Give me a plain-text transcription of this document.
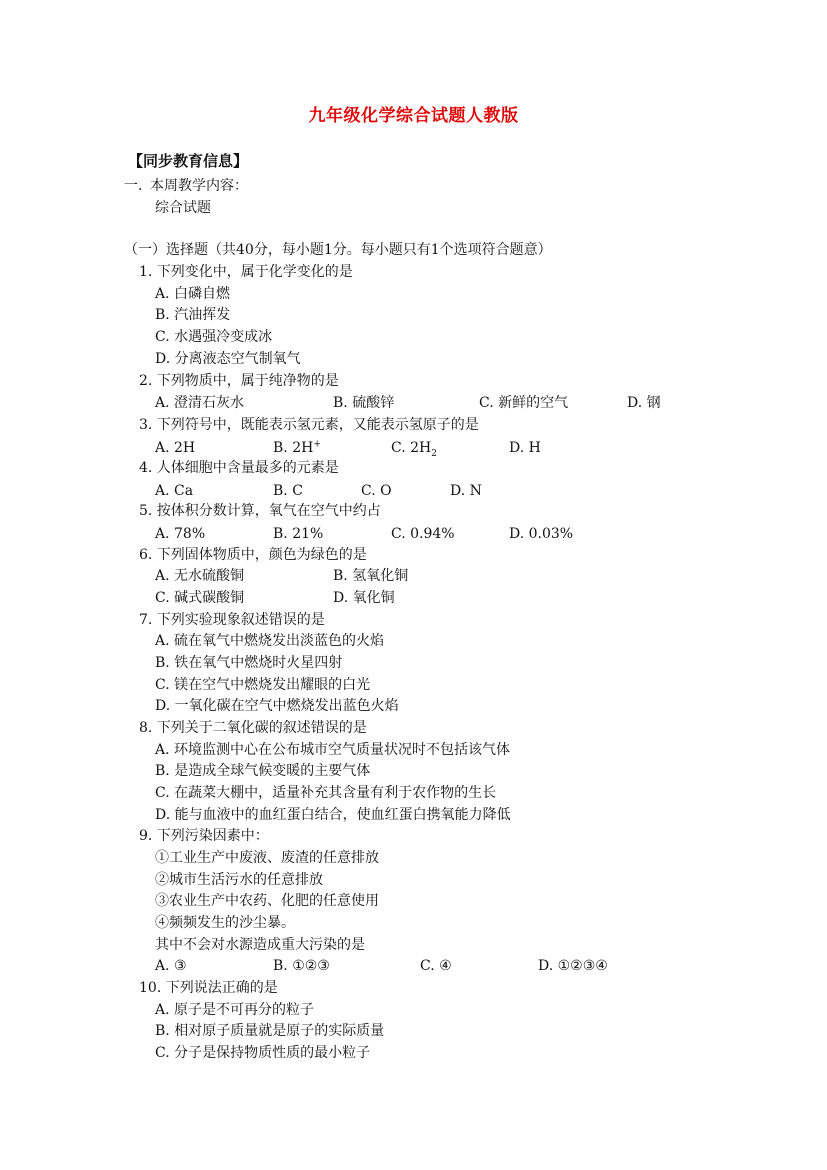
九年级化学综合试题人教版
【同步教育信息】
一. 本周教学内容：
综合试题
（一）选择题（共40分，每小题1分。每小题只有1个选项符合题意）
1. 下列变化中，属于化学变化的是
A. 白磷自燃
B. 汽油挥发
C. 水遇强冷变成冰
D. 分离液态空气制氧气
2. 下列物质中，属于纯净物的是
A. 澄清石灰水	B. 硫酸锌	C. 新鲜的空气	D. 钢
3. 下列符号中，既能表示氢元素，又能表示氢原子的是
A. 2H	B. 2H+	C. $2H_2$	D. H
4. 人体细胞中含量最多的元素是
A. Ca	B. C	C. O	D. N
5. 按体积分数计算，氧气在空气中约占
A. 78%	B. 21%	C. 0.94%	D. 0.03%
6. 下列固体物质中，颜色为绿色的是
A. 无水硫酸铜	B. 氢氧化铜
C. 碱式碳酸铜	D. 氧化铜
7. 下列实验现象叙述错误的是
A. 硫在氧气中燃烧发出淡蓝色的火焰
B. 铁在氧气中燃烧时火星四射
C. 镁在空气中燃烧发出耀眼的白光
D. 一氧化碳在空气中燃烧发出蓝色火焰
8. 下列关于二氧化碳的叙述错误的是
A. 环境监测中心在公布城市空气质量状况时不包括该气体
B. 是造成全球气候变暖的主要气体
C. 在蔬菜大棚中，适量补充其含量有利于农作物的生长
D. 能与血液中的血红蛋白结合，使血红蛋白携氧能力降低
9. 下列污染因素中：
①工业生产中废液、废渣的任意排放
②城市生活污水的任意排放
③农业生产中农药、化肥的任意使用
④频频发生的沙尘暴。
其中不会对水源造成重大污染的是
A. ③	B. ①②③	C. ④	D. ①②③④
10. 下列说法正确的是
A. 原子是不可再分的粒子
B. 相对原子质量就是原子的实际质量
C. 分子是保持物质性质的最小粒子
